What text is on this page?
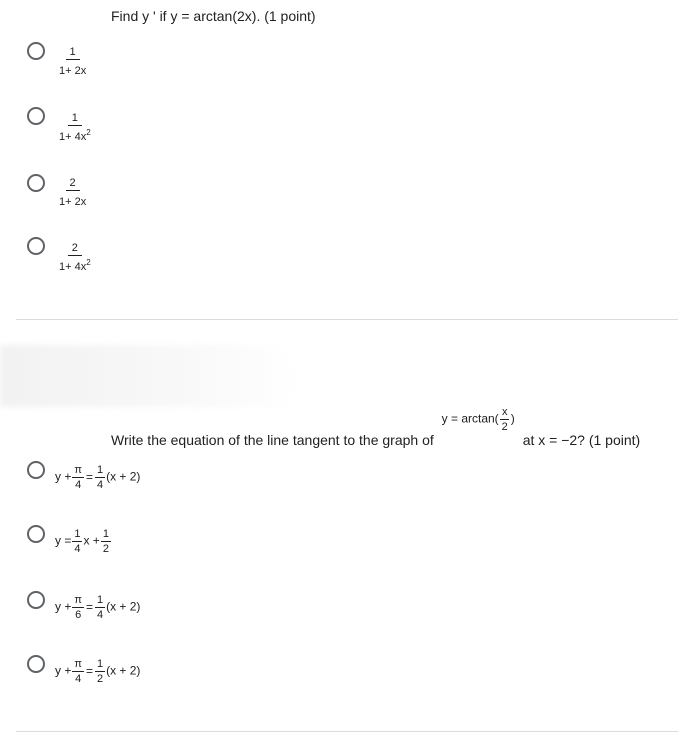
Find y ' if y = arctan(2x). (1 point)
$\frac{1}{1+ 2x}$
$\frac{1}{1+ 4x^2}$
$\frac{2}{1+ 2x}$
$\frac{2}{1+ 4x^2}$
Write the equation of the line tangent to the graph of $y = \arctan( \frac{x}{2}$ ) at x = −2? (1 point)
$y + \frac{\pi}{4} = \frac{1}{4} (x + 2)$
$y = \frac{1}{4}$ $x + \frac{1}{2}$
$y + \frac{\pi}{6} = \frac{1}{4} (x + 2)$
$y + \frac{\pi}{4} = \frac{1}{2} (x + 2)$
